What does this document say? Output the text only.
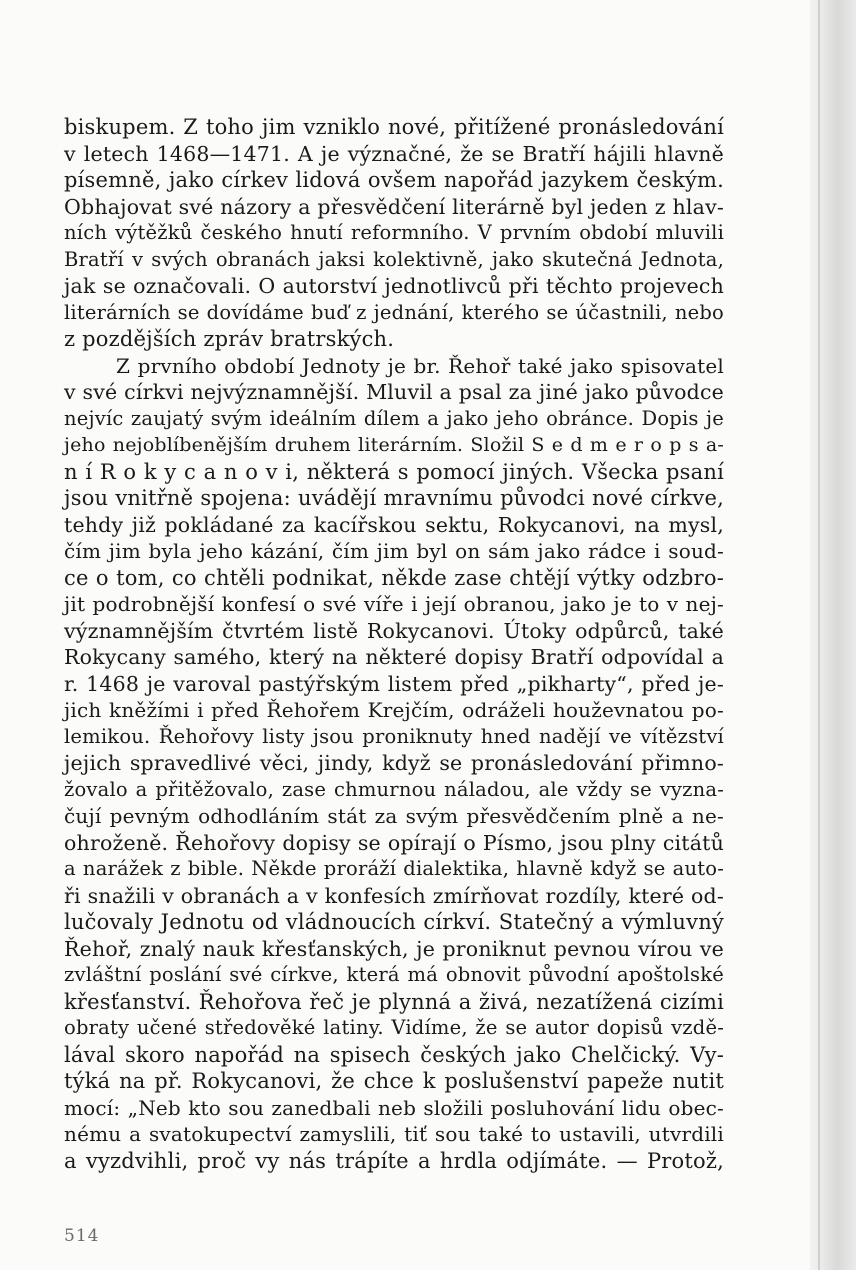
biskupem. Z toho jim vzniklo nové, přitížené pronásledování
v letech 1468—1471. A je význačné, že se Bratří hájili hlavně
písemně, jako církev lidová ovšem napořád jazykem českým.
Obhajovat své názory a přesvědčení literárně byl jeden z hlav-
ních výtěžků českého hnutí reformního. V prvním období mluvili
Bratří v svých obranách jaksi kolektivně, jako skutečná Jednota,
jak se označovali. O autorství jednotlivců při těchto projevech
literárních se dovídáme buď z jednání, kterého se účastnili, nebo
z pozdějších zpráv bratrských.
Z prvního období Jednoty je br. Řehoř také jako spisovatel
v své církvi nejvýznamnější. Mluvil a psal za jiné jako původce
nejvíc zaujatý svým ideálním dílem a jako jeho obránce. Dopis je
jeho nejoblíbenějším druhem literárním. Složil S e d m e r o p s a-
n í R o k y c a n o v i, některá s pomocí jiných. Všecka psaní
jsou vnitřně spojena: uvádějí mravnímu původci nové církve,
tehdy již pokládané za kacířskou sektu, Rokycanovi, na mysl,
čím jim byla jeho kázání, čím jim byl on sám jako rádce i soud-
ce o tom, co chtěli podnikat, někde zase chtějí výtky odzbro-
jit podrobnější konfesí o své víře i její obranou, jako je to v nej-
významnějším čtvrtém listě Rokycanovi. Útoky odpůrců, také
Rokycany samého, který na některé dopisy Bratří odpovídal a
r. 1468 je varoval pastýřským listem před „pikharty“, před je-
jich kněžími i před Řehořem Krejčím, odráželi houževnatou po-
lemikou. Řehořovy listy jsou proniknuty hned nadějí ve vítězství
jejich spravedlivé věci, jindy, když se pronásledování přimno-
žovalo a přitěžovalo, zase chmurnou náladou, ale vždy se vyzna-
čují pevným odhodláním stát za svým přesvědčením plně a ne-
ohroženě. Řehořovy dopisy se opírají o Písmo, jsou plny citátů
a narážek z bible. Někde proráží dialektika, hlavně když se auto-
ři snažili v obranách a v konfesích zmírňovat rozdíly, které od-
lučovaly Jednotu od vládnoucích církví. Statečný a výmluvný
Řehoř, znalý nauk křesťanských, je proniknut pevnou vírou ve
zvláštní poslání své církve, která má obnovit původní apoštolské
křesťanství. Řehořova řeč je plynná a živá, nezatížená cizími
obraty učené středověké latiny. Vidíme, že se autor dopisů vzdě-
lával skoro napořád na spisech českých jako Chelčický. Vy-
týká na př. Rokycanovi, že chce k poslušenství papeže nutit
mocí: „Neb kto sou zanedbali neb složili posluhování lidu obec-
nému a svatokupectví zamyslili, tiť sou také to ustavili, utvrdili
a vyzdvihli, proč vy nás trápíte a hrdla odjímáte. — Protož,
514
